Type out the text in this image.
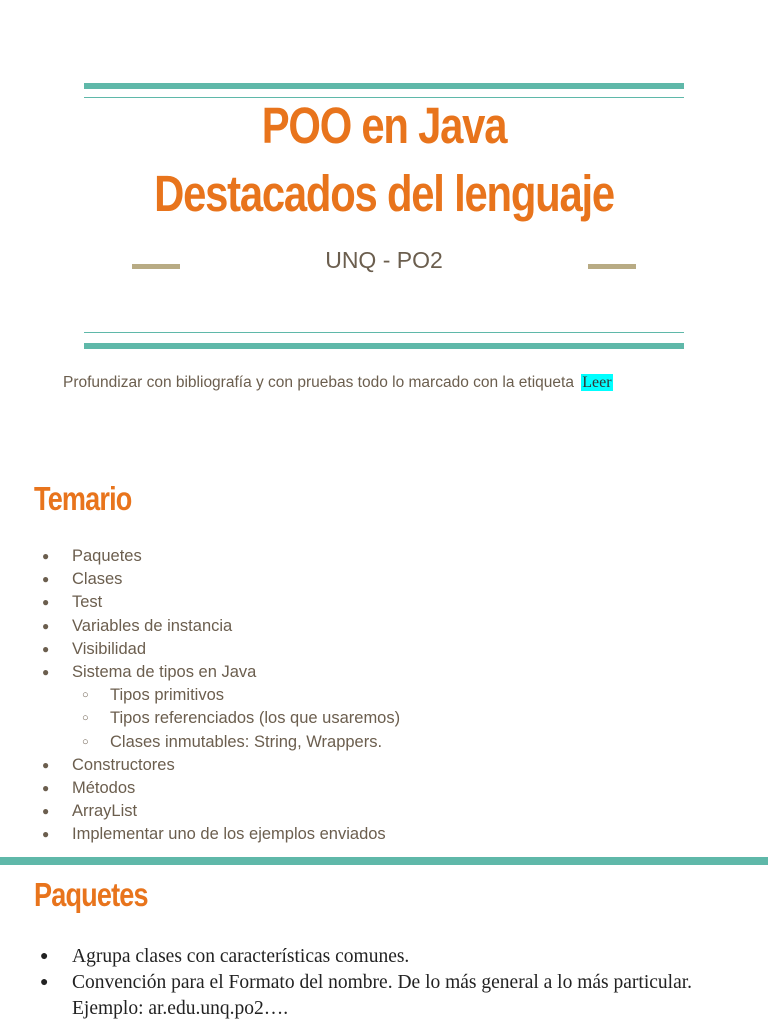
POO en Java
Destacados del lenguaje
UNQ - PO2
Profundizar con bibliografía y con pruebas todo lo marcado con la etiqueta Leer
Temario
● Paquetes
● Clases
● Test
● Variables de instancia
● Visibilidad
● Sistema de tipos en Java
○ Tipos primitivos
○ Tipos referenciados (los que usaremos)
○ Clases inmutables: String, Wrappers.
● Constructores
● Métodos
● ArrayList
● Implementar uno de los ejemplos enviados
Paquetes
● Agrupa clases con características comunes.
● Convención para el Formato del nombre. De lo más general a lo más particular. Ejemplo: ar.edu.unq.po2….
